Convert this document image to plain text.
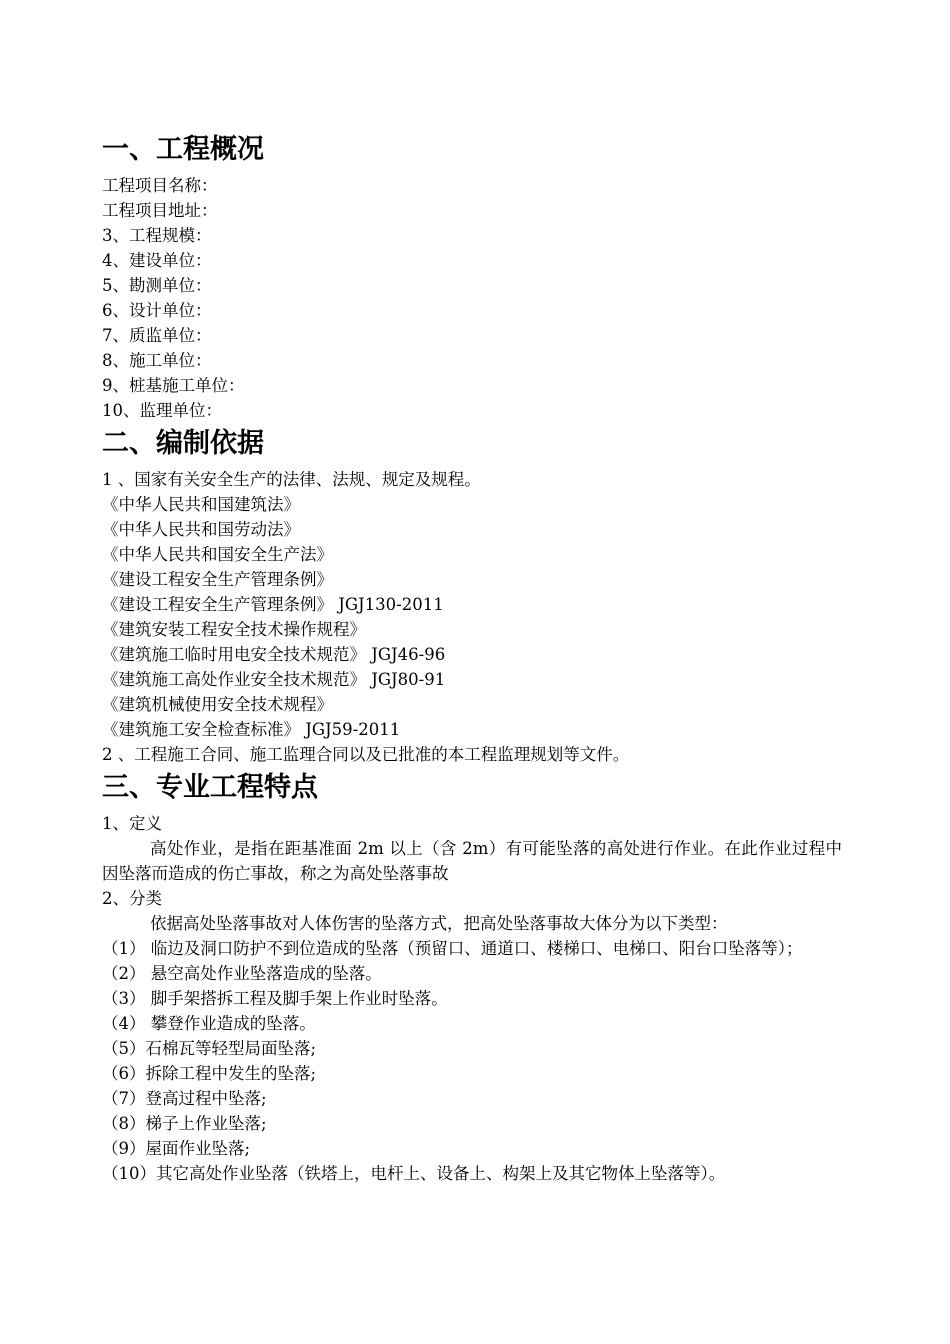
一、工程概况
工程项目名称：
工程项目地址：
3、工程规模：
4、建设单位：
5、勘测单位：
6、设计单位：
7、质监单位：
8、施工单位：
9、桩基施工单位：
10、监理单位：
二、编制依据

1 、国家有关安全生产的法律、法规、规定及规程。

《中华人民共和国建筑法》
《中华人民共和国劳动法》
《中华人民共和国安全生产法》
《建设工程安全生产管理条例》
《建设工程安全生产管理条例》 JGJ130-2011
《建筑安装工程安全技术操作规程》
《建筑施工临时用电安全技术规范》 JGJ46-96
《建筑施工高处作业安全技术规范》 JGJ80-91
《建筑机械使用安全技术规程》
《建筑施工安全检查标准》 JGJ59-2011

2 、工程施工合同、施工监理合同以及已批准的本工程监理规划等文件。

三、专业工程特点

1、定义

高处作业，是指在距基准面 2m 以上（含 2m）有可能坠落的高处进行作业。在此作业过程中因坠落而造成的伤亡事故，称之为高处坠落事故

2、分类

依据高处坠落事故对人体伤害的坠落方式，把高处坠落事故大体分为以下类型：

（1） 临边及洞口防护不到位造成的坠落（预留口、通道口、楼梯口、电梯口、阳台口坠落等）；
（2） 悬空高处作业坠落造成的坠落。
（3） 脚手架搭拆工程及脚手架上作业时坠落。
（4） 攀登作业造成的坠落。
（5）石棉瓦等轻型局面坠落;
（6）拆除工程中发生的坠落;
（7）登高过程中坠落;
（8）梯子上作业坠落;
（9）屋面作业坠落;
（10）其它高处作业坠落（铁塔上，电杆上、设备上、构架上及其它物体上坠落等）。
